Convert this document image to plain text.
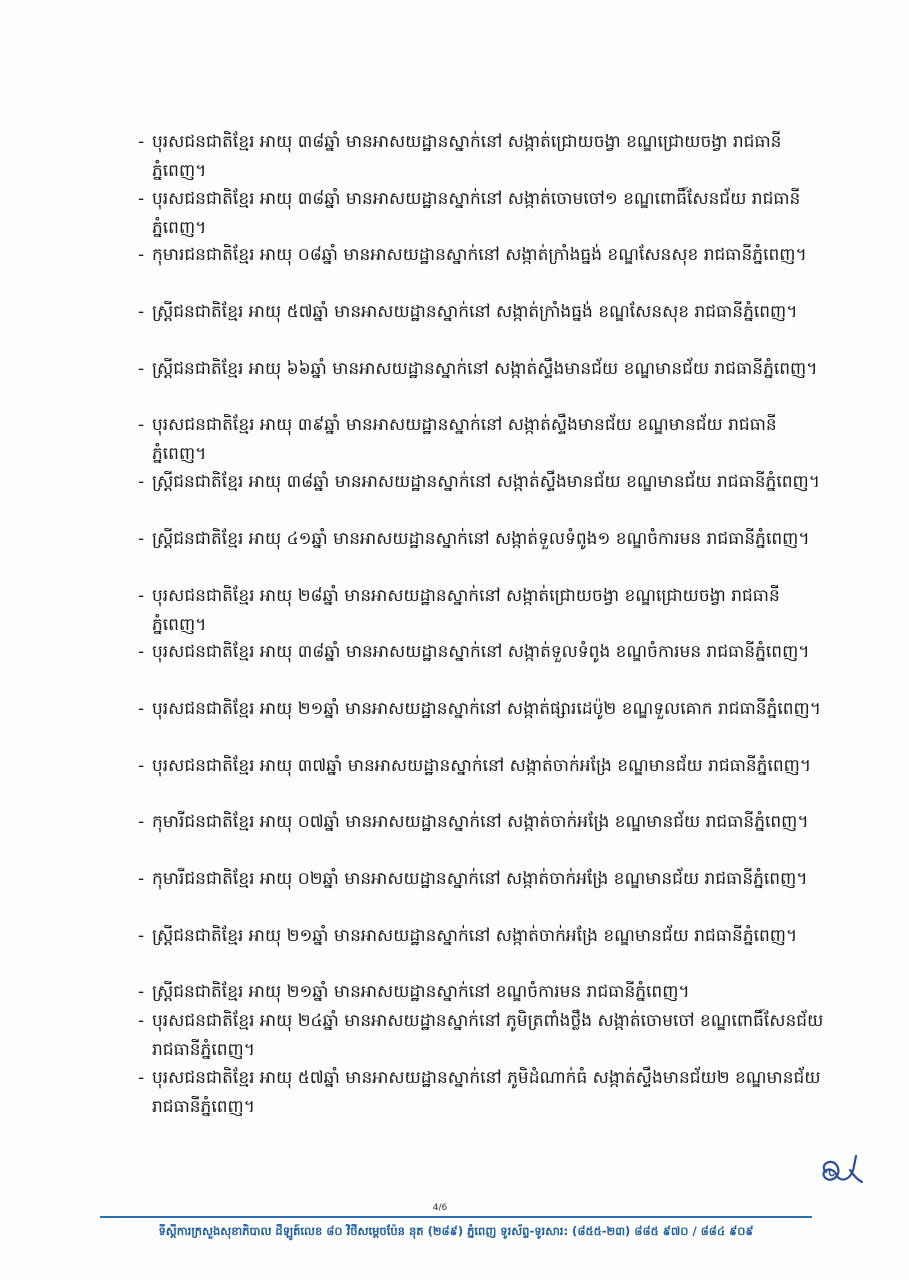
- បុរសជនជាតិខ្មែរ អាយុ ៣៨ឆ្នាំ មានអាសយដ្ឋានស្នាក់នៅ សង្កាត់ជ្រោយចង្វា ខណ្ឌជ្រោយចង្វា រាជធានីភ្នំពេញ។
- បុរសជនជាតិខ្មែរ អាយុ ៣៨ឆ្នាំ មានអាសយដ្ឋានស្នាក់នៅ សង្កាត់ចោមចៅ១ ខណ្ឌពោធិ៍សែនជ័យ រាជធានីភ្នំពេញ។
- កុមារជនជាតិខ្មែរ អាយុ ០៨ឆ្នាំ មានអាសយដ្ឋានស្នាក់នៅ សង្កាត់ក្រាំងធ្នង់ ខណ្ឌសែនសុខ រាជធានីភ្នំពេញ។
- ស្ត្រីជនជាតិខ្មែរ អាយុ ៥៧ឆ្នាំ មានអាសយដ្ឋានស្នាក់នៅ សង្កាត់ក្រាំងធ្នង់ ខណ្ឌសែនសុខ រាជធានីភ្នំពេញ។
- ស្ត្រីជនជាតិខ្មែរ អាយុ ៦៦ឆ្នាំ មានអាសយដ្ឋានស្នាក់នៅ សង្កាត់ស្ទឹងមានជ័យ ខណ្ឌមានជ័យ រាជធានីភ្នំពេញ។
- បុរសជនជាតិខ្មែរ អាយុ ៣៩ឆ្នាំ មានអាសយដ្ឋានស្នាក់នៅ សង្កាត់ស្ទឹងមានជ័យ ខណ្ឌមានជ័យ រាជធានីភ្នំពេញ។
- ស្ត្រីជនជាតិខ្មែរ អាយុ ៣៨ឆ្នាំ មានអាសយដ្ឋានស្នាក់នៅ សង្កាត់ស្ទឹងមានជ័យ ខណ្ឌមានជ័យ រាជធានីភ្នំពេញ។
- ស្ត្រីជនជាតិខ្មែរ អាយុ ៤១ឆ្នាំ មានអាសយដ្ឋានស្នាក់នៅ សង្កាត់ទួលទំពូង១ ខណ្ឌចំការមន រាជធានីភ្នំពេញ។
- បុរសជនជាតិខ្មែរ អាយុ ២៨ឆ្នាំ មានអាសយដ្ឋានស្នាក់នៅ សង្កាត់ជ្រោយចង្វា ខណ្ឌជ្រោយចង្វា រាជធានីភ្នំពេញ។
- បុរសជនជាតិខ្មែរ អាយុ ៣៨ឆ្នាំ មានអាសយដ្ឋានស្នាក់នៅ សង្កាត់ទួលទំពូង ខណ្ឌចំការមន រាជធានីភ្នំពេញ។
- បុរសជនជាតិខ្មែរ អាយុ ២១ឆ្នាំ មានអាសយដ្ឋានស្នាក់នៅ សង្កាត់ផ្សារដេប៉ូ២ ខណ្ឌទួលគោក រាជធានីភ្នំពេញ។
- បុរសជនជាតិខ្មែរ អាយុ ៣៧ឆ្នាំ មានអាសយដ្ឋានស្នាក់នៅ សង្កាត់ចាក់អង្រែ ខណ្ឌមានជ័យ រាជធានីភ្នំពេញ។
- កុមារីជនជាតិខ្មែរ អាយុ ០៧ឆ្នាំ មានអាសយដ្ឋានស្នាក់នៅ សង្កាត់ចាក់អង្រែ ខណ្ឌមានជ័យ រាជធានីភ្នំពេញ។
- កុមារីជនជាតិខ្មែរ អាយុ ០២ឆ្នាំ មានអាសយដ្ឋានស្នាក់នៅ សង្កាត់ចាក់អង្រែ ខណ្ឌមានជ័យ រាជធានីភ្នំពេញ។
- ស្ត្រីជនជាតិខ្មែរ អាយុ ២១ឆ្នាំ មានអាសយដ្ឋានស្នាក់នៅ សង្កាត់ចាក់អង្រែ ខណ្ឌមានជ័យ រាជធានីភ្នំពេញ។
- ស្ត្រីជនជាតិខ្មែរ អាយុ ២១ឆ្នាំ មានអាសយដ្ឋានស្នាក់នៅ ខណ្ឌចំការមន រាជធានីភ្នំពេញ។
- បុរសជនជាតិខ្មែរ អាយុ ២៤ឆ្នាំ មានអាសយដ្ឋានស្នាក់នៅ ភូមិត្រពាំងថ្លឹង សង្កាត់ចោមចៅ ខណ្ឌពោធិ៍សែនជ័យ រាជធានីភ្នំពេញ។
- បុរសជនជាតិខ្មែរ អាយុ ៥៧ឆ្នាំ មានអាសយដ្ឋានស្នាក់នៅ ភូមិដំណាក់ធំ សង្កាត់ស្ទឹងមានជ័យ២ ខណ្ឌមានជ័យ រាជធានីភ្នំពេញ។
4/6
ទីស្តីការក្រសួងសុខាភិបាល ដីឡូត៍លេខ ៨០ វិថីសម្ដេចប៉ែន នុត (២៨៩) ភ្នំពេញ ទូរស័ព្ទ-ទូរសារ: (៨៥៥-២៣) ៨៨៥ ៩៧០ / ៨៨៤ ៩០៩
